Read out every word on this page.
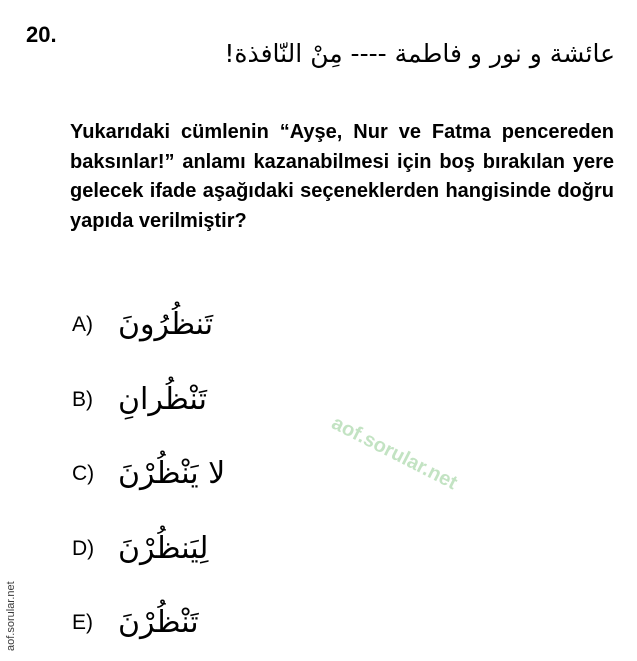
20.
عائشة و نور و فاطمة ---- مِنْ النّافذة!
Yukarıdaki cümlenin “Ayşe, Nur ve Fatma pencereden baksınlar!” anlamı kazanabilmesi için boş bırakılan yere gelecek ifade aşağıdaki seçeneklerden hangisinde doğru yapıda verilmiştir?
A) تَنظُرُونَ
B) تَنْظُرانِ
C) لا يَنْظُرْنَ
D) لِيَنظُرْنَ
E) تَنْظُرْنَ
aof.sorular.net
aof.sorular.net
